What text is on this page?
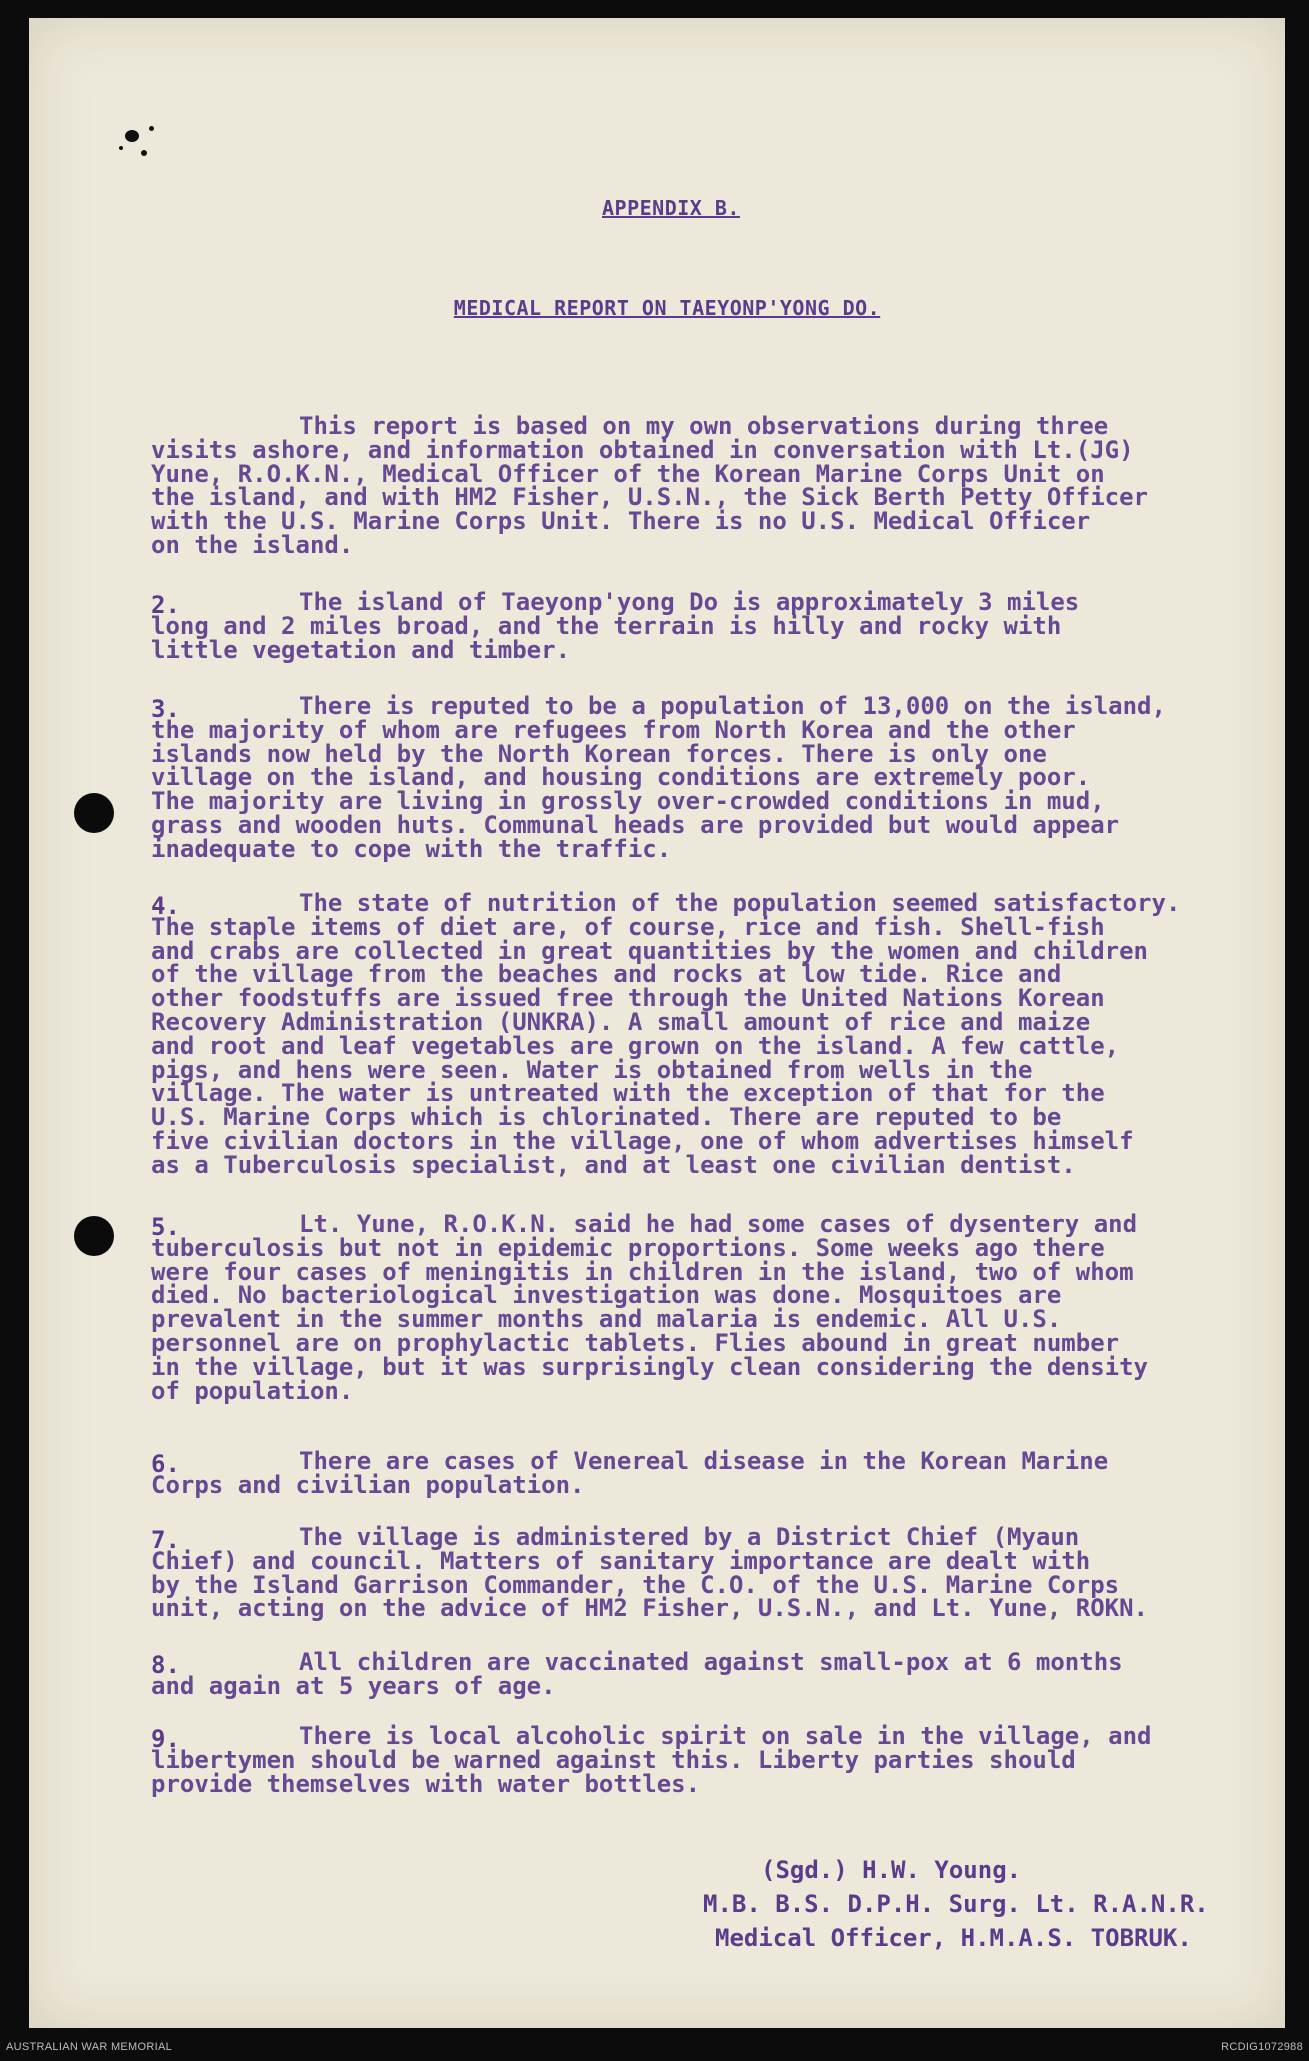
APPENDIX B.
MEDICAL REPORT ON TAEYONP'YONG DO.
This report is based on my own observations during three
visits ashore, and information obtained in conversation with Lt.(JG)
Yune, R.O.K.N., Medical Officer of the Korean Marine Corps Unit on
the island, and with HM2 Fisher, U.S.N., the Sick Berth Petty Officer
with the U.S. Marine Corps Unit. There is no U.S. Medical Officer
on the island.
2.	The island of Taeyonp'yong Do is approximately 3 miles
long and 2 miles broad, and the terrain is hilly and rocky with
little vegetation and timber.
3.	There is reputed to be a population of 13,000 on the island,
the majority of whom are refugees from North Korea and the other
islands now held by the North Korean forces. There is only one
village on the island, and housing conditions are extremely poor.
The majority are living in grossly over-crowded conditions in mud,
grass and wooden huts. Communal heads are provided but would appear
inadequate to cope with the traffic.
4.	The state of nutrition of the population seemed satisfactory.
The staple items of diet are, of course, rice and fish. Shell-fish
and crabs are collected in great quantities by the women and children
of the village from the beaches and rocks at low tide. Rice and
other foodstuffs are issued free through the United Nations Korean
Recovery Administration (UNKRA). A small amount of rice and maize
and root and leaf vegetables are grown on the island. A few cattle,
pigs, and hens were seen. Water is obtained from wells in the
village. The water is untreated with the exception of that for the
U.S. Marine Corps which is chlorinated. There are reputed to be
five civilian doctors in the village, one of whom advertises himself
as a Tuberculosis specialist, and at least one civilian dentist.
5.	Lt. Yune, R.O.K.N. said he had some cases of dysentery and
tuberculosis but not in epidemic proportions. Some weeks ago there
were four cases of meningitis in children in the island, two of whom
died. No bacteriological investigation was done. Mosquitoes are
prevalent in the summer months and malaria is endemic. All U.S.
personnel are on prophylactic tablets. Flies abound in great number
in the village, but it was surprisingly clean considering the density
of population.
6.	There are cases of Venereal disease in the Korean Marine
Corps and civilian population.
7.	The village is administered by a District Chief (Myaun
Chief) and council. Matters of sanitary importance are dealt with
by the Island Garrison Commander, the C.O. of the U.S. Marine Corps
unit, acting on the advice of HM2 Fisher, U.S.N., and Lt. Yune, ROKN.
8.	All children are vaccinated against small-pox at 6 months
and again at 5 years of age.
9.	There is local alcoholic spirit on sale in the village, and
libertymen should be warned against this. Liberty parties should
provide themselves with water bottles.
(Sgd.) H.W. Young.
M.B. B.S. D.P.H. Surg. Lt. R.A.N.R.
Medical Officer, H.M.A.S. TOBRUK.
AUSTRALIAN WAR MEMORIAL	RCDIG1072988
